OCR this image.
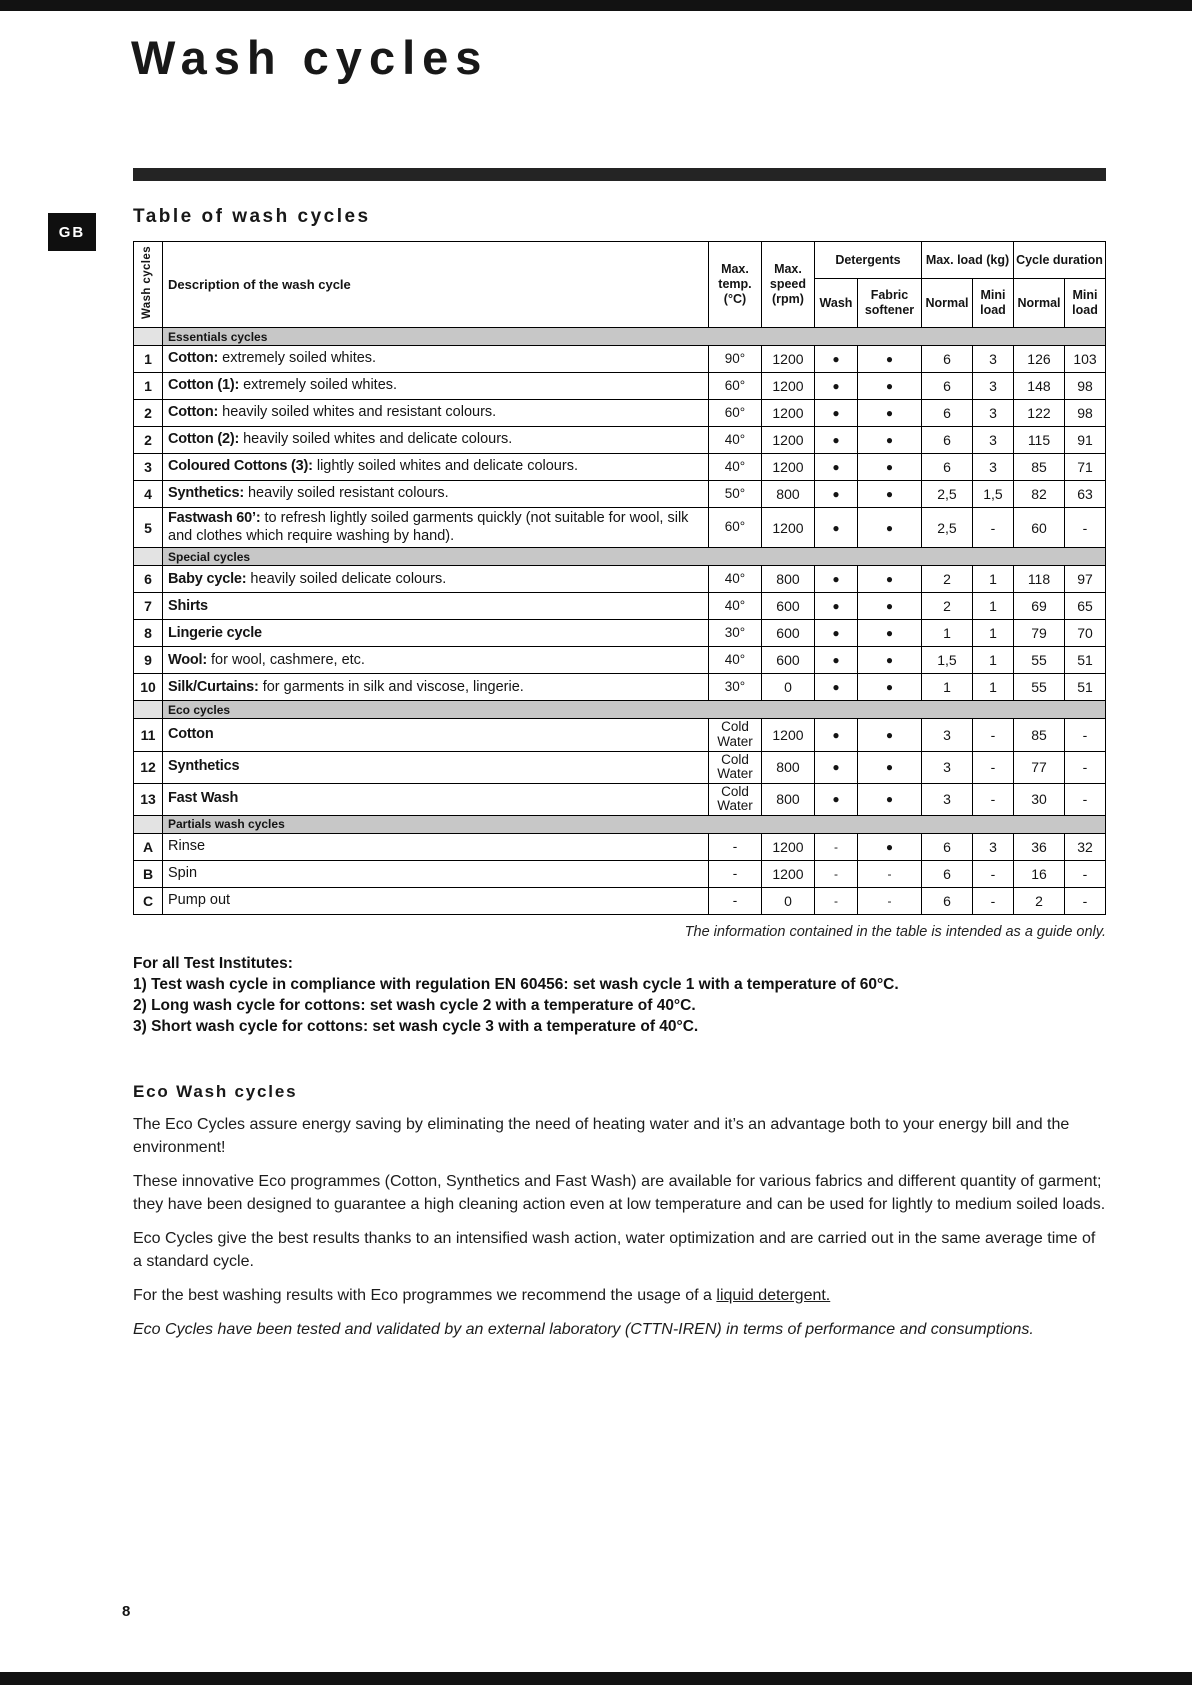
Wash cycles
GB
Table of wash cycles
Wash cycles	Description of the wash cycle	Max. temp. (°C)	Max. speed (rpm)	Detergents		Max. load (kg)		Cycle duration	
				Wash	Fabric softener	Normal	Mini load	Normal	Mini load
	Essentials cycles								
1	Cotton: extremely soiled whites.	90°	1200	●	●	6	3	126	103
1	Cotton (1): extremely soiled whites.	60°	1200	●	●	6	3	148	98
2	Cotton: heavily soiled whites and resistant colours.	60°	1200	●	●	6	3	122	98
2	Cotton (2): heavily soiled whites and delicate colours.	40°	1200	●	●	6	3	115	91
3	Coloured Cottons (3): lightly soiled whites and delicate colours.	40°	1200	●	●	6	3	85	71
4	Synthetics: heavily soiled resistant colours.	50°	800	●	●	2,5	1,5	82	63
5	Fastwash 60’: to refresh lightly soiled garments quickly (not suitable for wool, silk and clothes which require washing by hand).	60°	1200	●	●	2,5	-	60	-
	Special cycles								
6	Baby cycle: heavily soiled delicate colours.	40°	800	●	●	2	1	118	97
7	Shirts	40°	600	●	●	2	1	69	65
8	Lingerie cycle	30°	600	●	●	1	1	79	70
9	Wool: for wool, cashmere, etc.	40°	600	●	●	1,5	1	55	51
10	Silk/Curtains: for garments in silk and viscose, lingerie.	30°	0	●	●	1	1	55	51
	Eco cycles								
11	Cotton	Cold Water	1200	●	●	3	-	85	-
12	Synthetics	Cold Water	800	●	●	3	-	77	-
13	Fast Wash	Cold Water	800	●	●	3	-	30	-
	Partials wash cycles								
A	Rinse	-	1200	-	●	6	3	36	32
B	Spin	-	1200	-	-	6	-	16	-
C	Pump out	-	0	-	-	6	-	2	-
The information contained in the table is intended as a guide only.
For all Test Institutes:
1) Test wash cycle in compliance with regulation EN 60456: set wash cycle 1 with a temperature of 60°C.
2) Long wash cycle for cottons: set wash cycle 2 with a temperature of 40°C.
3) Short wash cycle for cottons: set wash cycle 3 with a temperature of 40°C.
Eco Wash cycles

The Eco Cycles assure energy saving by eliminating the need of heating water and it’s an advantage both to your energy bill and the environment!

These innovative Eco programmes (Cotton, Synthetics and Fast Wash) are available for various fabrics and different quantity of garment; they have been designed to guarantee a high cleaning action even at low temperature and can be used for lightly to medium soiled loads.

Eco Cycles give the best results thanks to an intensified wash action, water optimization and are carried out in the same average time of a standard cycle.

For the best washing results with Eco programmes we recommend the usage of a liquid detergent.

Eco Cycles have been tested and validated by an external laboratory (CTTN-IREN) in terms of performance and consumptions.

8
